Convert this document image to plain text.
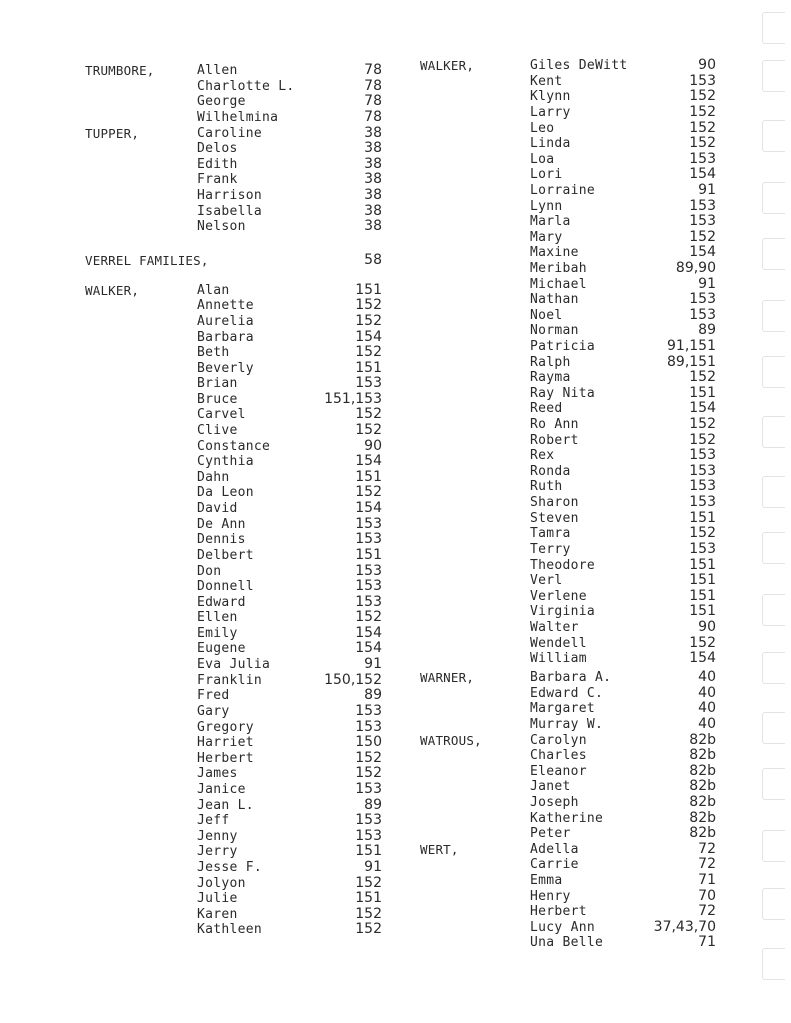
TRUMBORE,	Allen	78
Charlotte L.	78
George	78
Wilhelmina	78
TUPPER,	Caroline	38
Delos	38
Edith	38
Frank	38
Harrison	38
Isabella	38
Nelson	38
VERREL FAMILIES,	58
WALKER,	Alan	151
Annette	152
Aurelia	152
Barbara	154
Beth	152
Beverly	151
Brian	153
Bruce	151,153
Carvel	152
Clive	152
Constance	90
Cynthia	154
Dahn	151
Da Leon	152
David	154
De Ann	153
Dennis	153
Delbert	151
Don	153
Donnell	153
Edward	153
Ellen	152
Emily	154
Eugene	154
Eva Julia	91
Franklin	150,152
Fred	89
Gary	153
Gregory	153
Harriet	150
Herbert	152
James	152
Janice	153
Jean L.	89
Jeff	153
Jenny	153
Jerry	151
Jesse F.	91
Jolyon	152
Julie	151
Karen	152
Kathleen	152
WALKER,	Giles DeWitt	90
Kent	153
Klynn	152
Larry	152
Leo	152
Linda	152
Loa	153
Lori	154
Lorraine	91
Lynn	153
Marla	153
Mary	152
Maxine	154
Meribah	89,90
Michael	91
Nathan	153
Noel	153
Norman	89
Patricia	91,151
Ralph	89,151
Rayma	152
Ray Nita	151
Reed	154
Ro Ann	152
Robert	152
Rex	153
Ronda	153
Ruth	153
Sharon	153
Steven	151
Tamra	152
Terry	153
Theodore	151
Verl	151
Verlene	151
Virginia	151
Walter	90
Wendell	152
William	154
WARNER,	Barbara A.	40
Edward C.	40
Margaret	40
Murray W.	40
WATROUS,	Carolyn	82b
Charles	82b
Eleanor	82b
Janet	82b
Joseph	82b
Katherine	82b
Peter	82b
WERT,	Adella	72
Carrie	72
Emma	71
Henry	70
Herbert	72
Lucy Ann	37,43,70
Una Belle	71
